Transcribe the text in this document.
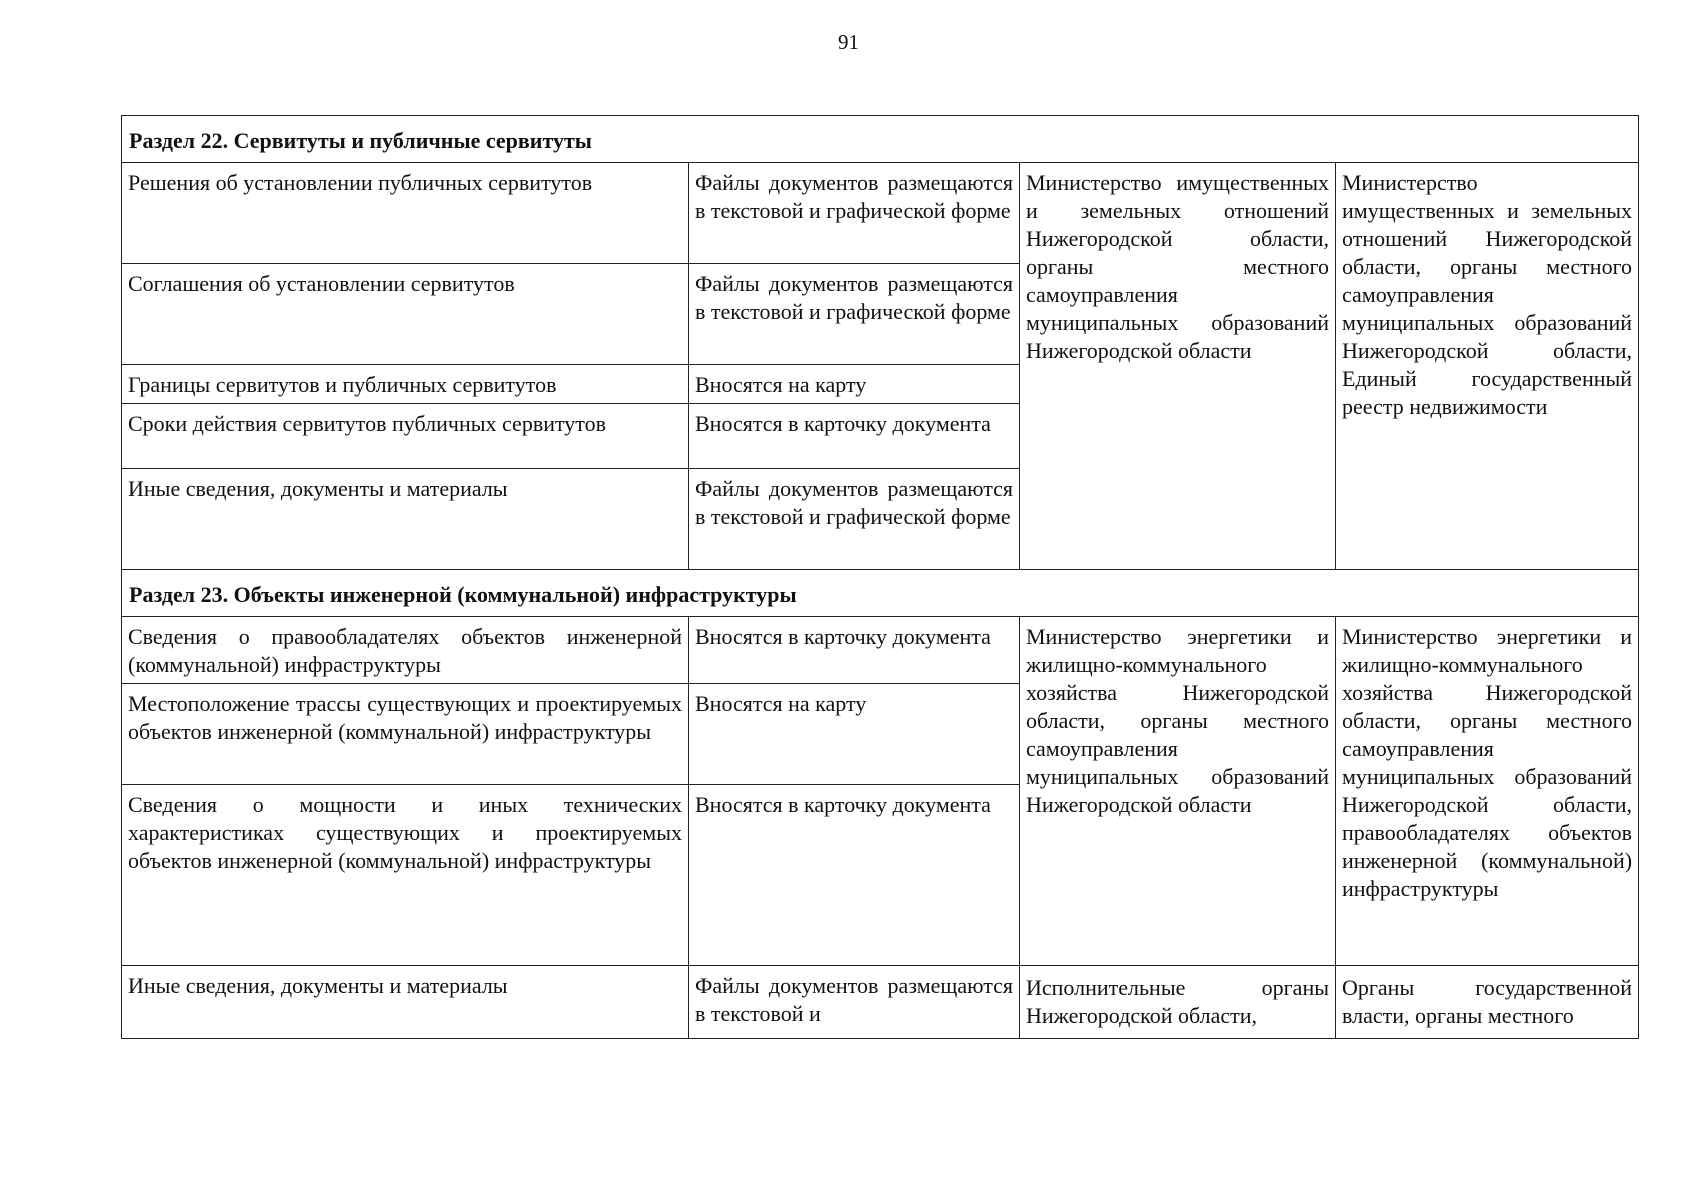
91
Раздел 22. Сервитуты и публичные сервитуты			
Решения об установлении публичных сервитутов	Файлы документов размещаются в текстовой и графической форме	Министерство имущественных и земельных отношений Нижегородской области, органы местного самоуправления муниципальных образований Нижегородской области	Министерство имущественных и земельных отношений Нижегородской области, органы местного самоуправления муниципальных образований Нижегородской области, Единый государственный реестр недвижимости
Соглашения об установлении сервитутов	Файлы документов размещаются в текстовой и графической форме		
Границы сервитутов и публичных сервитутов	Вносятся на карту		
Сроки действия сервитутов публичных сервитутов	Вносятся в карточку документа		
Иные сведения, документы и материалы	Файлы документов размещаются в текстовой и графической форме		
Раздел 23. Объекты инженерной (коммунальной) инфраструктуры			
Сведения о правообладателях объектов инженерной (коммунальной) инфраструктуры	Вносятся в карточку документа	Министерство энергетики и жилищно-коммунального хозяйства Нижегородской области, органы местного самоуправления муниципальных образований Нижегородской области	Министерство энергетики и жилищно-коммунального хозяйства Нижегородской области, органы местного самоуправления муниципальных образований Нижегородской области, правообладателях объектов инженерной (коммунальной) инфраструктуры
Местоположение трассы существующих и проектируемых объектов инженерной (коммунальной) инфраструктуры	Вносятся на карту		
Сведения о мощности и иных технических характеристиках существующих и проектируемых объектов инженерной (коммунальной) инфраструктуры	Вносятся в карточку документа		
Иные сведения, документы и материалы	Файлы документов размещаются в текстовой и	Исполнительные органы Нижегородской области,	Органы государственной власти, органы местного
